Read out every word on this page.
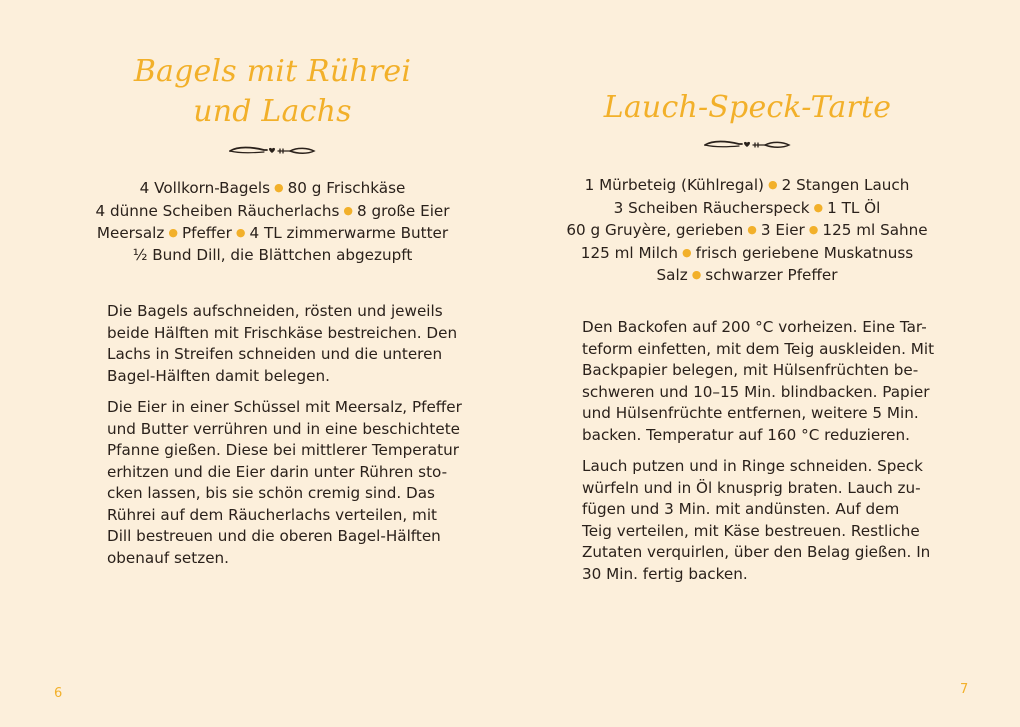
Bagels mit Rührei
und Lachs
4 Vollkorn-Bagels ● 80 g Frischkäse
4 dünne Scheiben Räucherlachs ● 8 große Eier
Meersalz ● Pfeffer ● 4 TL zimmerwarme Butter
½ Bund Dill, die Blättchen abgezupft

Die Bagels aufschneiden, rösten und jeweils
beide Hälften mit Frischkäse bestreichen. Den
Lachs in Streifen schneiden und die unteren
Bagel-Hälften damit belegen.

Die Eier in einer Schüssel mit Meersalz, Pfeffer
und Butter verrühren und in eine beschichtete
Pfanne gießen. Diese bei mittlerer Temperatur
erhitzen und die Eier darin unter Rühren sto-
cken lassen, bis sie schön cremig sind. Das
Rührei auf dem Räucherlachs verteilen, mit
Dill bestreuen und die oberen Bagel-Hälften
obenauf setzen.

6
Lauch-Speck-Tarte
1 Mürbeteig (Kühlregal) ● 2 Stangen Lauch
3 Scheiben Räucherspeck ● 1 TL Öl
60 g Gruyère, gerieben ● 3 Eier ● 125 ml Sahne
125 ml Milch ● frisch geriebene Muskatnuss
Salz ● schwarzer Pfeffer

Den Backofen auf 200 °C vorheizen. Eine Tar-
teform einfetten, mit dem Teig auskleiden. Mit
Backpapier belegen, mit Hülsenfrüchten be-
schweren und 10–15 Min. blindbacken. Papier
und Hülsenfrüchte entfernen, weitere 5 Min.
backen. Temperatur auf 160 °C reduzieren.

Lauch putzen und in Ringe schneiden. Speck
würfeln und in Öl knusprig braten. Lauch zu-
fügen und 3 Min. mit andünsten. Auf dem
Teig verteilen, mit Käse bestreuen. Restliche
Zutaten verquirlen, über den Belag gießen. In
30 Min. fertig backen.

7
